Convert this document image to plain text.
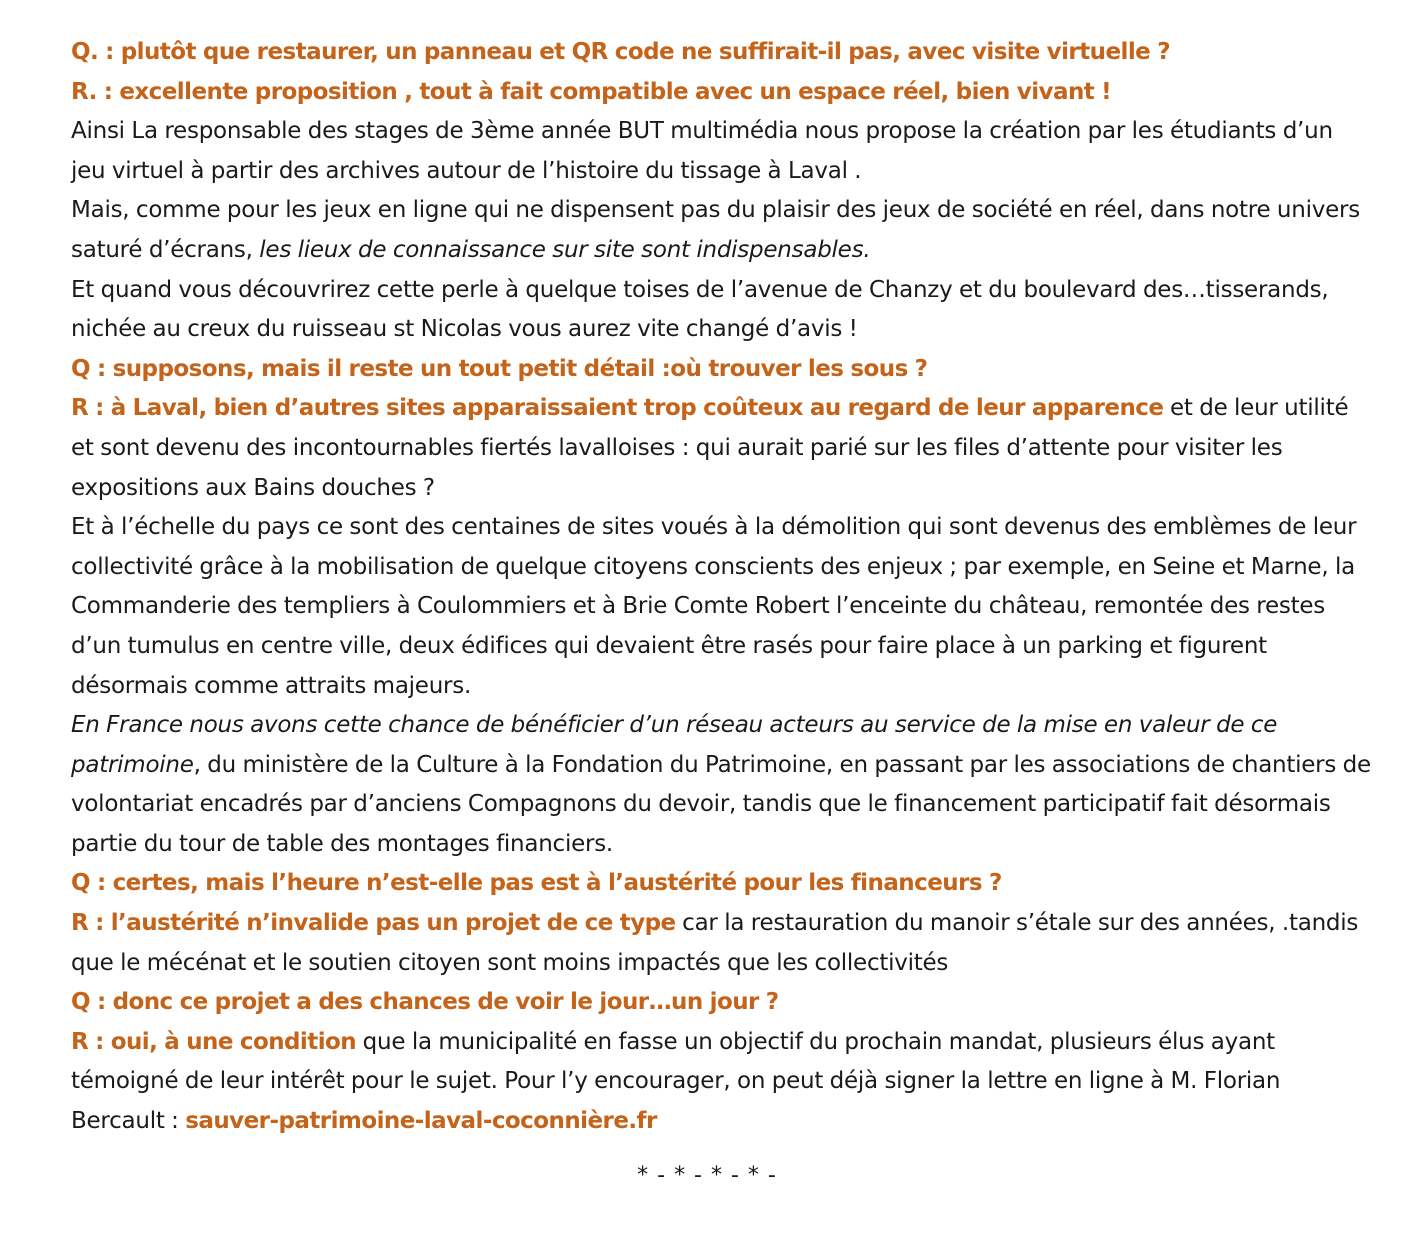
Q. : plutôt que restaurer, un panneau et QR code ne suffirait-il pas, avec visite virtuelle ?

R. : excellente proposition , tout à fait compatible avec un espace réel, bien vivant !

Ainsi La responsable des stages de 3ème année BUT multimédia nous propose la création par les étudiants d’un jeu virtuel à partir des archives autour de l’histoire du tissage à Laval .

Mais, comme pour les jeux en ligne qui ne dispensent pas du plaisir des jeux de société en réel, dans notre univers saturé d’écrans, les lieux de connaissance sur site sont indispensables.

Et quand vous découvrirez cette perle à quelque toises de l’avenue de Chanzy et du boulevard des…tisserands, nichée au creux du ruisseau st Nicolas vous aurez vite changé d’avis !

Q : supposons, mais il reste un tout petit détail :où trouver les sous ?

R : à Laval, bien d’autres sites apparaissaient trop coûteux au regard de leur apparence et de leur utilité et sont devenu des incontournables fiertés lavalloises : qui aurait parié sur les files d’attente pour visiter les expositions aux Bains douches ?

Et à l’échelle du pays ce sont des centaines de sites voués à la démolition qui sont devenus des emblèmes de leur collectivité grâce à la mobilisation de quelque citoyens conscients des enjeux ; par exemple, en Seine et Marne, la Commanderie des templiers à Coulommiers et à Brie Comte Robert l’enceinte du château, remontée des restes d’un tumulus en centre ville, deux édifices qui devaient être rasés pour faire place à un parking et figurent désormais comme attraits majeurs.

En France nous avons cette chance de bénéficier d’un réseau acteurs au service de la mise en valeur de ce patrimoine, du ministère de la Culture à la Fondation du Patrimoine, en passant par les associations de chantiers de volontariat encadrés par d’anciens Compagnons du devoir, tandis que le financement participatif fait désormais partie du tour de table des montages financiers.

Q : certes, mais l’heure n’est-elle pas est à l’austérité pour les financeurs ?

R : l’austérité n’invalide pas un projet de ce type car la restauration du manoir s’étale sur des années, .tandis que le mécénat et le soutien citoyen sont moins impactés que les collectivités

Q : donc ce projet a des chances de voir le jour…un jour ?

R : oui, à une condition que la municipalité en fasse un objectif du prochain mandat, plusieurs élus ayant témoigné de leur intérêt pour le sujet. Pour l’y encourager, on peut déjà signer la lettre en ligne à M. Florian Bercault : sauver-patrimoine-laval-coconnière.fr

* - * - * - * -
